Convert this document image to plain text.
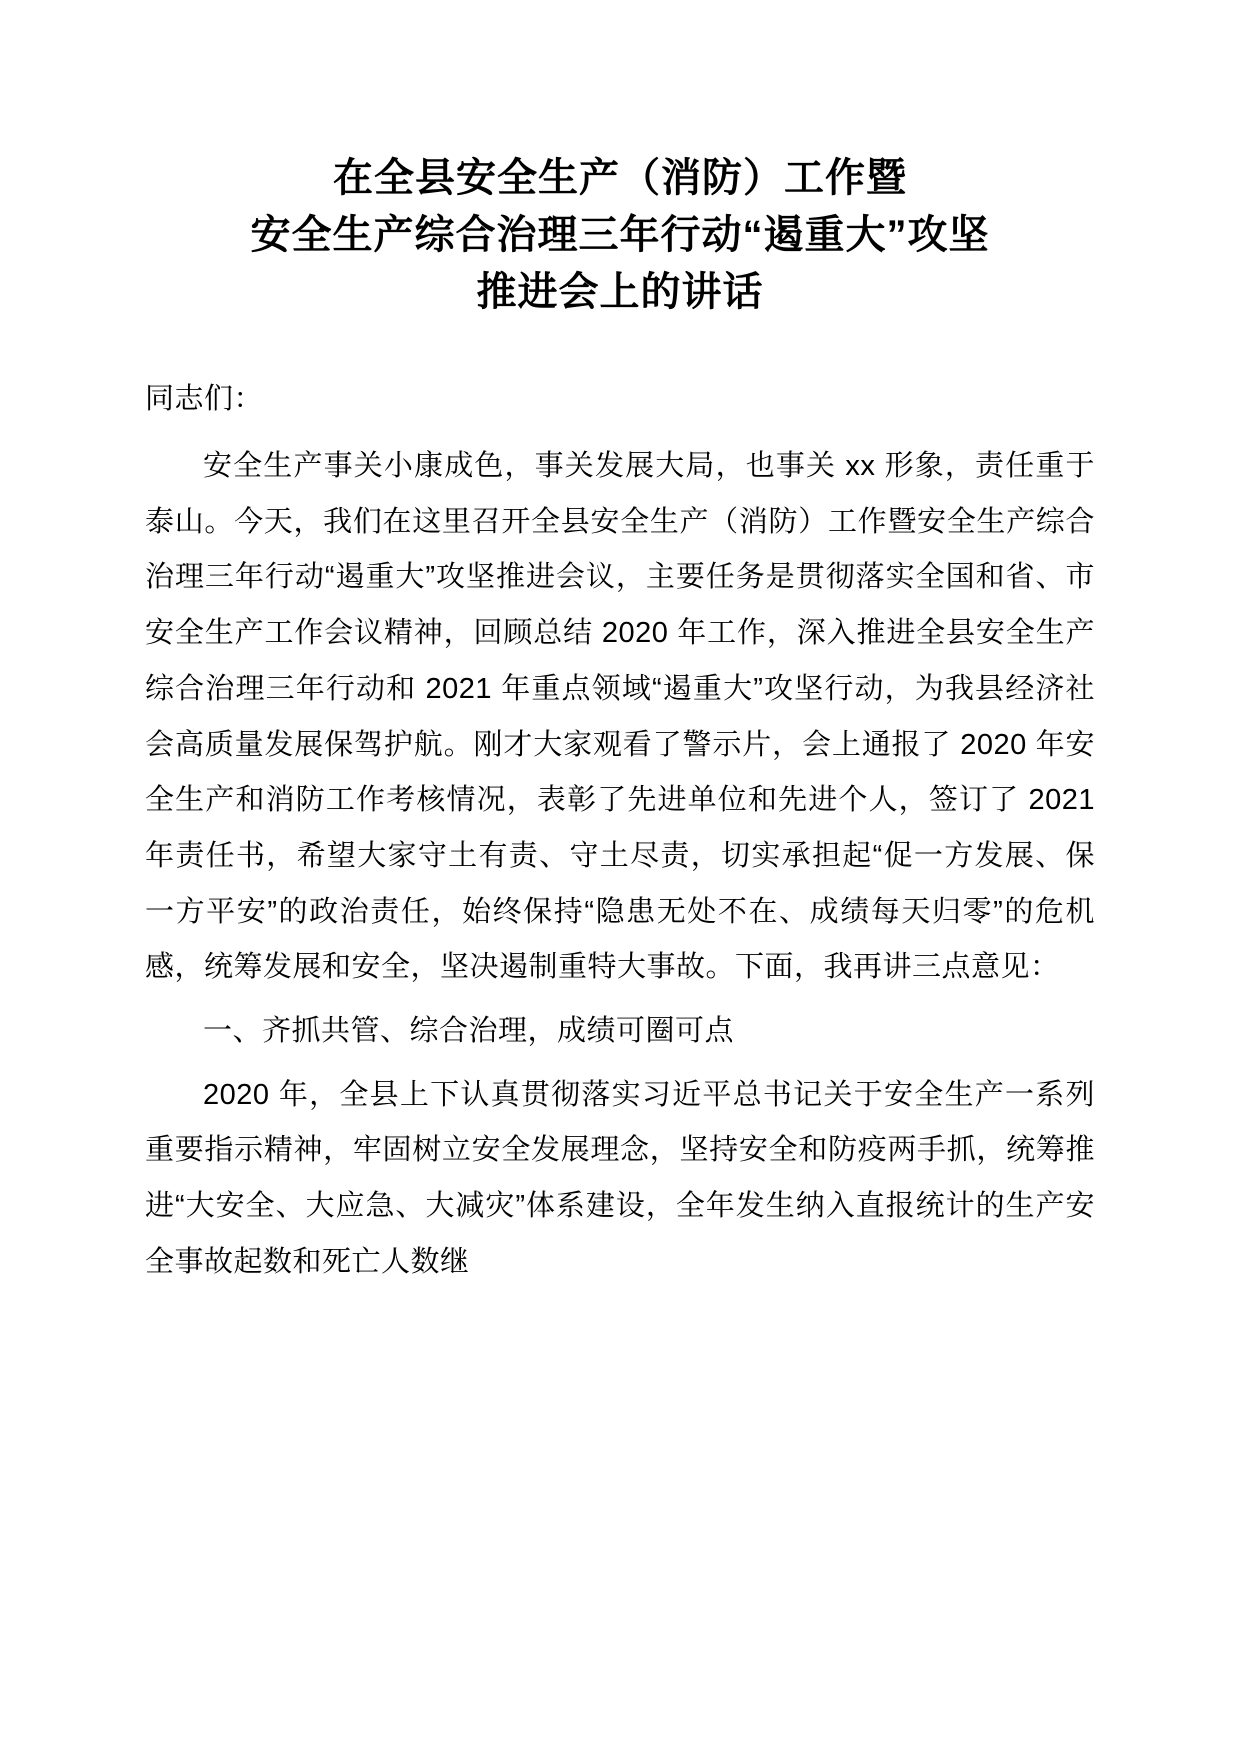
在全县安全生产（消防）工作暨
安全生产综合治理三年行动“遏重大”攻坚
推进会上的讲话

同志们：

安全生产事关小康成色，事关发展大局，也事关 xx 形象，责任重于泰山。今天，我们在这里召开全县安全生产（消防）工作暨安全生产综合治理三年行动“遏重大”攻坚推进会议，主要任务是贯彻落实全国和省、市安全生产工作会议精神，回顾总结 2020 年工作，深入推进全县安全生产综合治理三年行动和 2021 年重点领域“遏重大”攻坚行动，为我县经济社会高质量发展保驾护航。刚才大家观看了警示片，会上通报了 2020 年安全生产和消防工作考核情况，表彰了先进单位和先进个人，签订了 2021 年责任书，希望大家守土有责、守土尽责，切实承担起“促一方发展、保一方平安”的政治责任，始终保持“隐患无处不在、成绩每天归零”的危机感，统筹发展和安全，坚决遏制重特大事故。下面，我再讲三点意见：

一、齐抓共管、综合治理，成绩可圈可点

2020 年，全县上下认真贯彻落实习近平总书记关于安全生产一系列重要指示精神，牢固树立安全发展理念，坚持安全和防疫两手抓，统筹推进“大安全、大应急、大减灾”体系建设，全年发生纳入直报统计的生产安全事故起数和死亡人数继
